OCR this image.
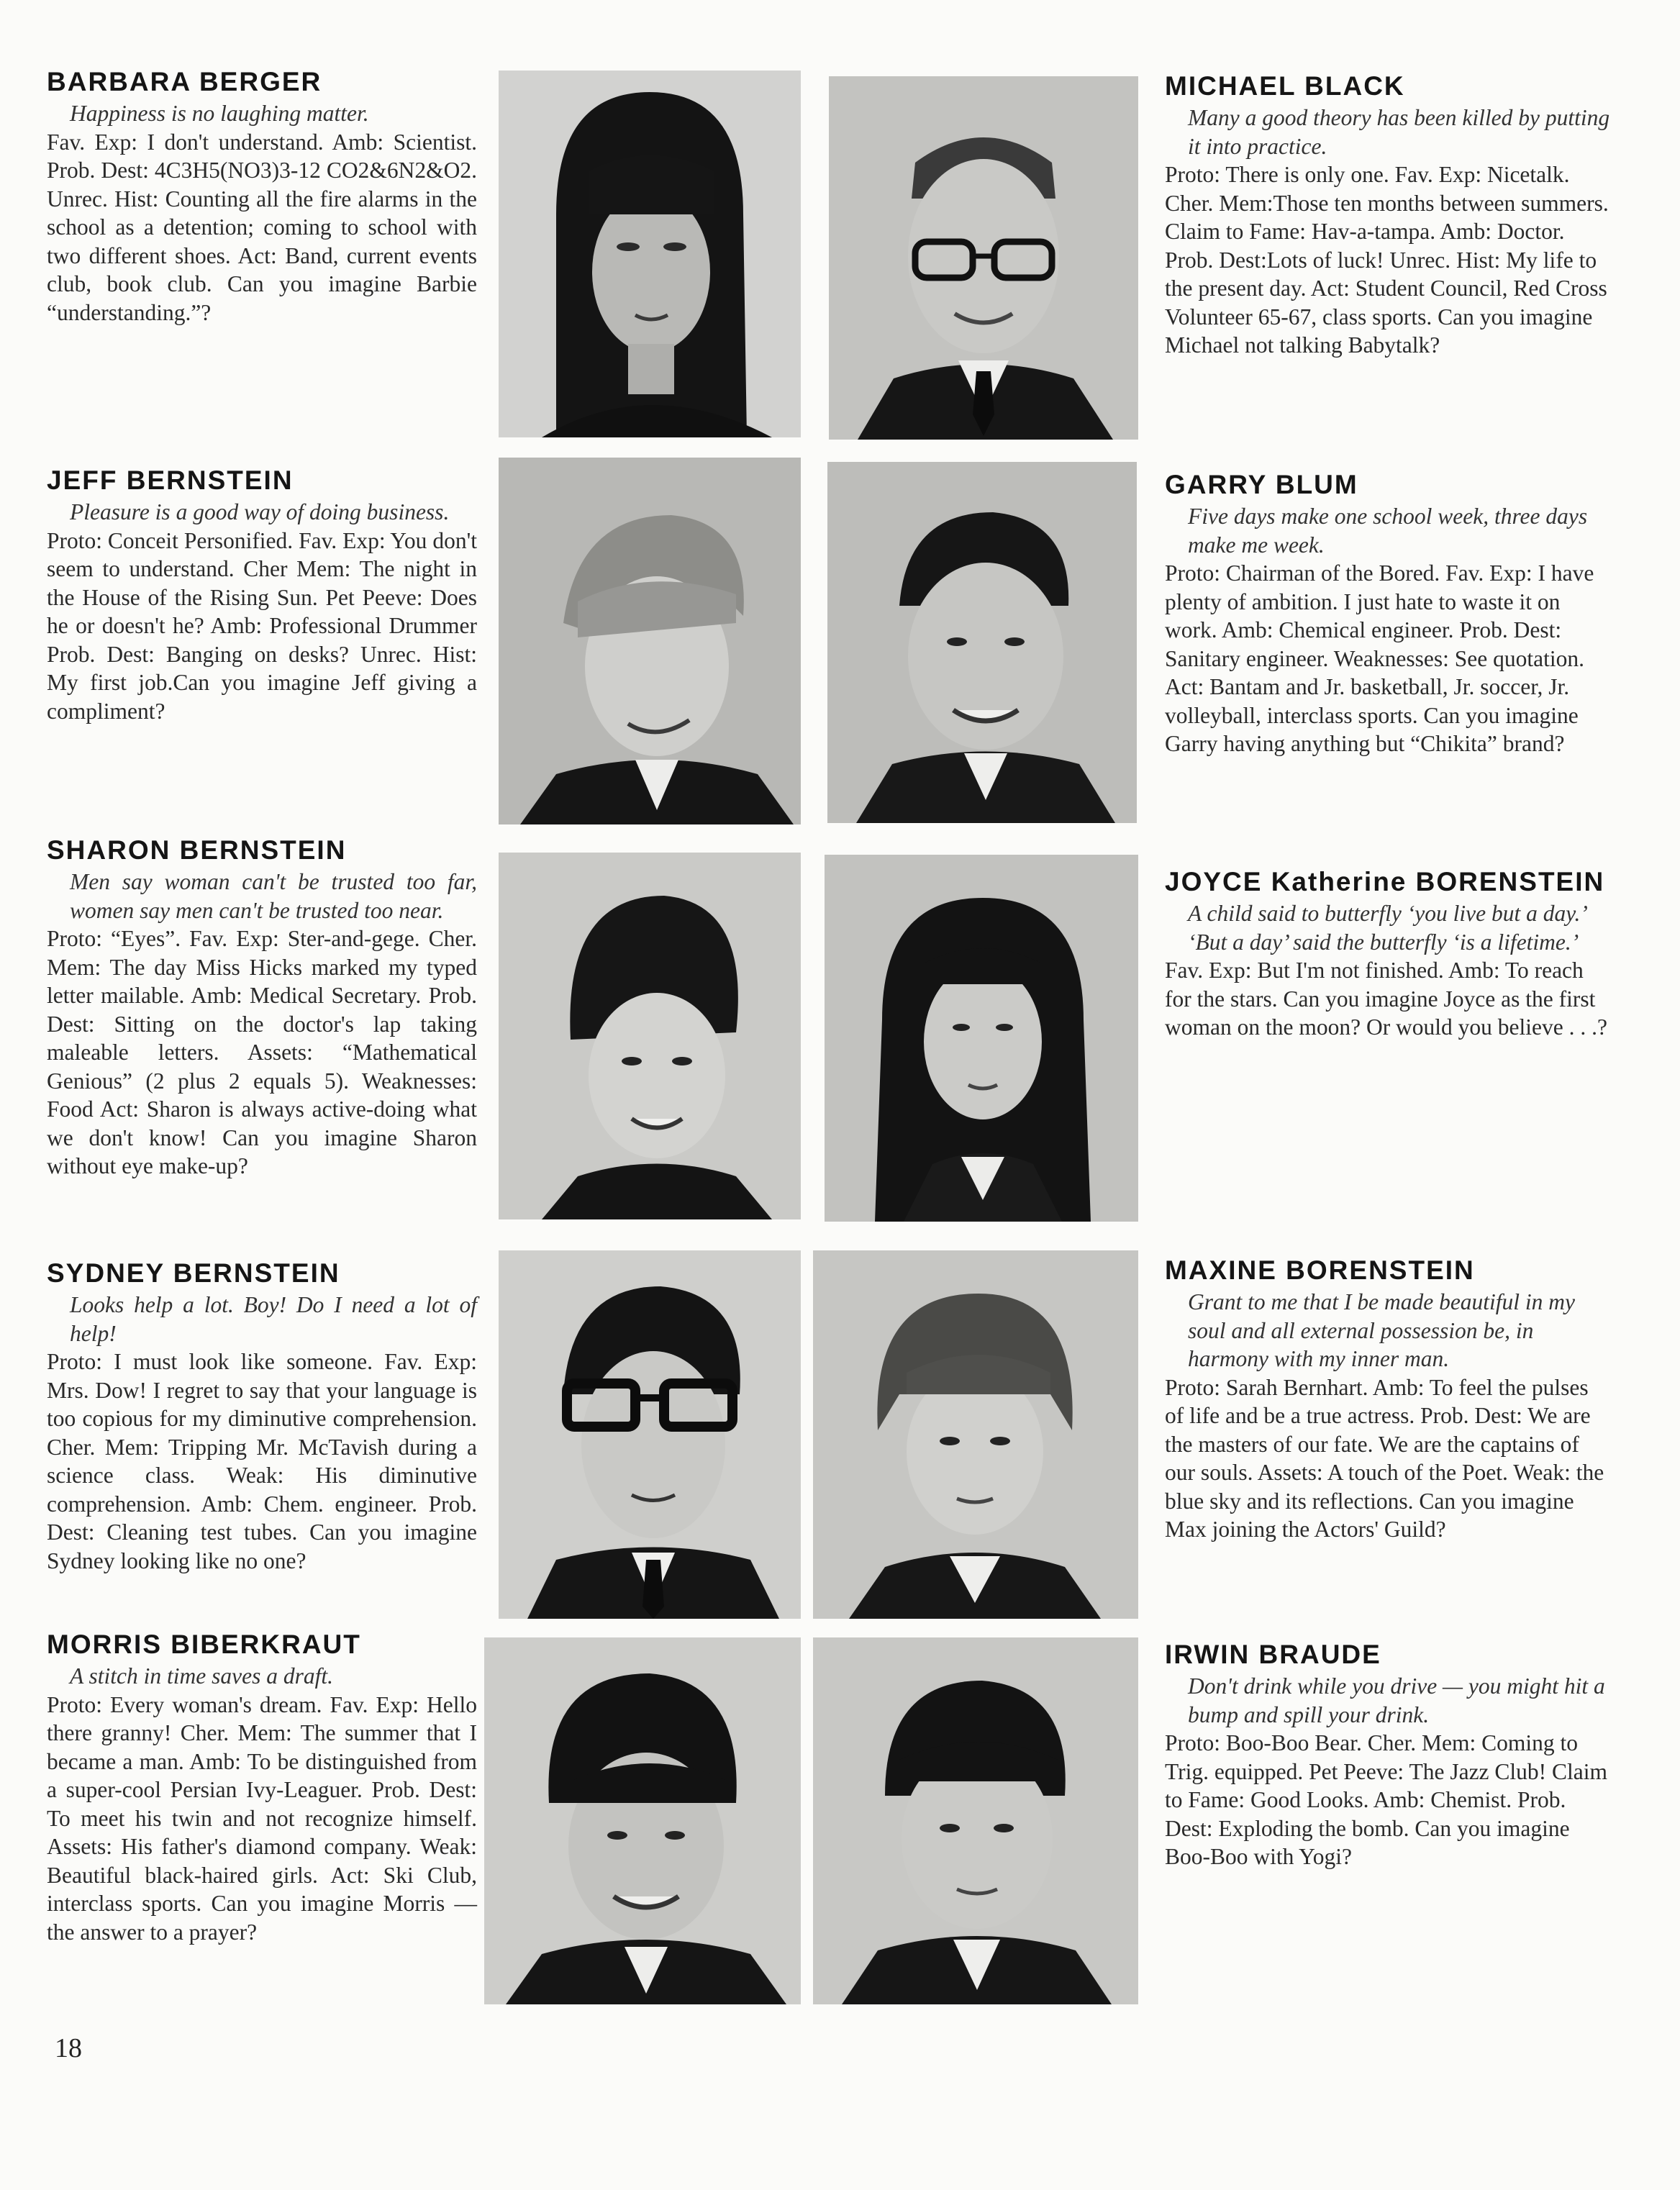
BARBARA BERGER
Happiness is no laughing matter.
Fav. Exp: I don't understand. Amb: Scientist. Prob. Dest: 4C3H5(NO3)3-12 CO2&6N2&O2. Unrec. Hist: Counting all the fire alarms in the school as a detention; coming to school with two different shoes. Act: Band, current events club, book club. Can you imagine Barbie “understanding.”?
MICHAEL BLACK
Many a good theory has been killed by putting it into practice.
Proto: There is only one. Fav. Exp: Nicetalk. Cher. Mem:Those ten months between summers. Claim to Fame: Hav-a-tampa. Amb: Doctor. Prob. Dest:Lots of luck! Unrec. Hist: My life to the present day. Act: Student Council, Red Cross Volunteer 65-67, class sports. Can you imagine Michael not talking Babytalk?
JEFF BERNSTEIN
Pleasure is a good way of doing business.
Proto: Conceit Personified. Fav. Exp: You don't seem to understand. Cher Mem: The night in the House of the Rising Sun. Pet Peeve: Does he or doesn't he? Amb: Professional Drummer Prob. Dest: Banging on desks? Unrec. Hist: My first job.Can you imagine Jeff giving a compliment?
GARRY BLUM
Five days make one school week, three days make me week.
Proto: Chairman of the Bored. Fav. Exp: I have plenty of ambition. I just hate to waste it on work. Amb: Chemical engineer. Prob. Dest: Sanitary engineer. Weaknesses: See quotation. Act: Bantam and Jr. basketball, Jr. soccer, Jr. volleyball, interclass sports. Can you imagine Garry having anything but “Chikita” brand?
SHARON BERNSTEIN
Men say woman can't be trusted too far, women say men can't be trusted too near.
Proto: “Eyes”. Fav. Exp: Ster-and-gege. Cher. Mem: The day Miss Hicks marked my typed letter mailable. Amb: Medical Secretary. Prob. Dest: Sitting on the doctor's lap taking maleable letters. Assets: “Mathematical Genious” (2 plus 2 equals 5). Weaknesses: Food Act: Sharon is always active-doing what we don't know! Can you imagine Sharon without eye make-up?
JOYCE Katherine BORENSTEIN
A child said to butterfly ‘you live but a day.’ ‘But a day’ said the butterfly ‘is a lifetime.’
Fav. Exp: But I'm not finished. Amb: To reach for the stars. Can you imagine Joyce as the first woman on the moon? Or would you believe . . .?
SYDNEY BERNSTEIN
Looks help a lot. Boy! Do I need a lot of help!
Proto: I must look like someone. Fav. Exp: Mrs. Dow! I regret to say that your language is too copious for my diminutive comprehension. Cher. Mem: Tripping Mr. McTavish during a science class. Weak: His diminutive comprehension. Amb: Chem. engineer. Prob. Dest: Cleaning test tubes. Can you imagine Sydney looking like no one?
MAXINE BORENSTEIN
Grant to me that I be made beautiful in my soul and all external possession be, in harmony with my inner man.
Proto: Sarah Bernhart. Amb: To feel the pulses of life and be a true actress. Prob. Dest: We are the masters of our fate. We are the captains of our souls. Assets: A touch of the Poet. Weak: the blue sky and its reflections. Can you imagine Max joining the Actors' Guild?
MORRIS BIBERKRAUT
A stitch in time saves a draft.
Proto: Every woman's dream. Fav. Exp: Hello there granny! Cher. Mem: The summer that I became a man. Amb: To be distinguished from a super-cool Persian Ivy-Leaguer. Prob. Dest: To meet his twin and not recognize himself. Assets: His father's diamond company. Weak: Beautiful black-haired girls. Act: Ski Club, interclass sports. Can you imagine Morris —the answer to a prayer?
IRWIN BRAUDE
Don't drink while you drive — you might hit a bump and spill your drink.
Proto: Boo-Boo Bear. Cher. Mem: Coming to Trig. equipped. Pet Peeve: The Jazz Club! Claim to Fame: Good Looks. Amb: Chemist. Prob. Dest: Exploding the bomb. Can you imagine Boo-Boo with Yogi?
18
